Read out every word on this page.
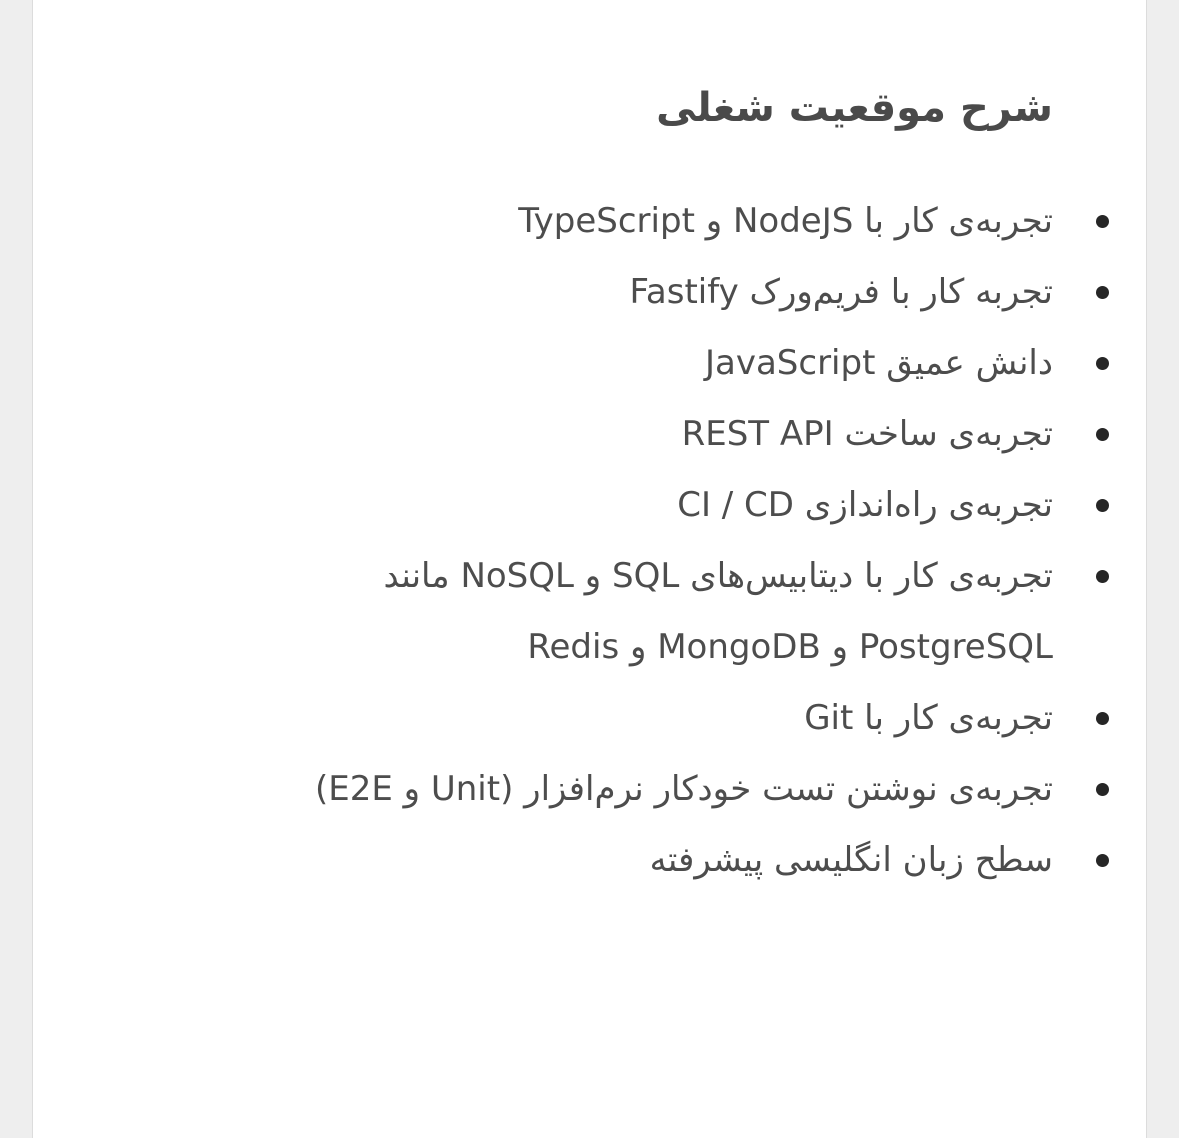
شرح موقعیت شغلی
تجربه‌ی کار با NodeJS و TypeScript
تجربه کار با فریم‌ورک Fastify
دانش عمیق JavaScript
تجربه‌ی ساخت REST API
تجربه‌ی راه‌اندازی CI / CD
تجربه‌ی کار با دیتابیس‌های SQL و NoSQL مانند PostgreSQL و MongoDB و Redis
تجربه‌ی کار با Git
تجربه‌ی نوشتن تست خودکار نرم‌افزار (Unit و E2E)
سطح زبان انگلیسی پیشرفته
